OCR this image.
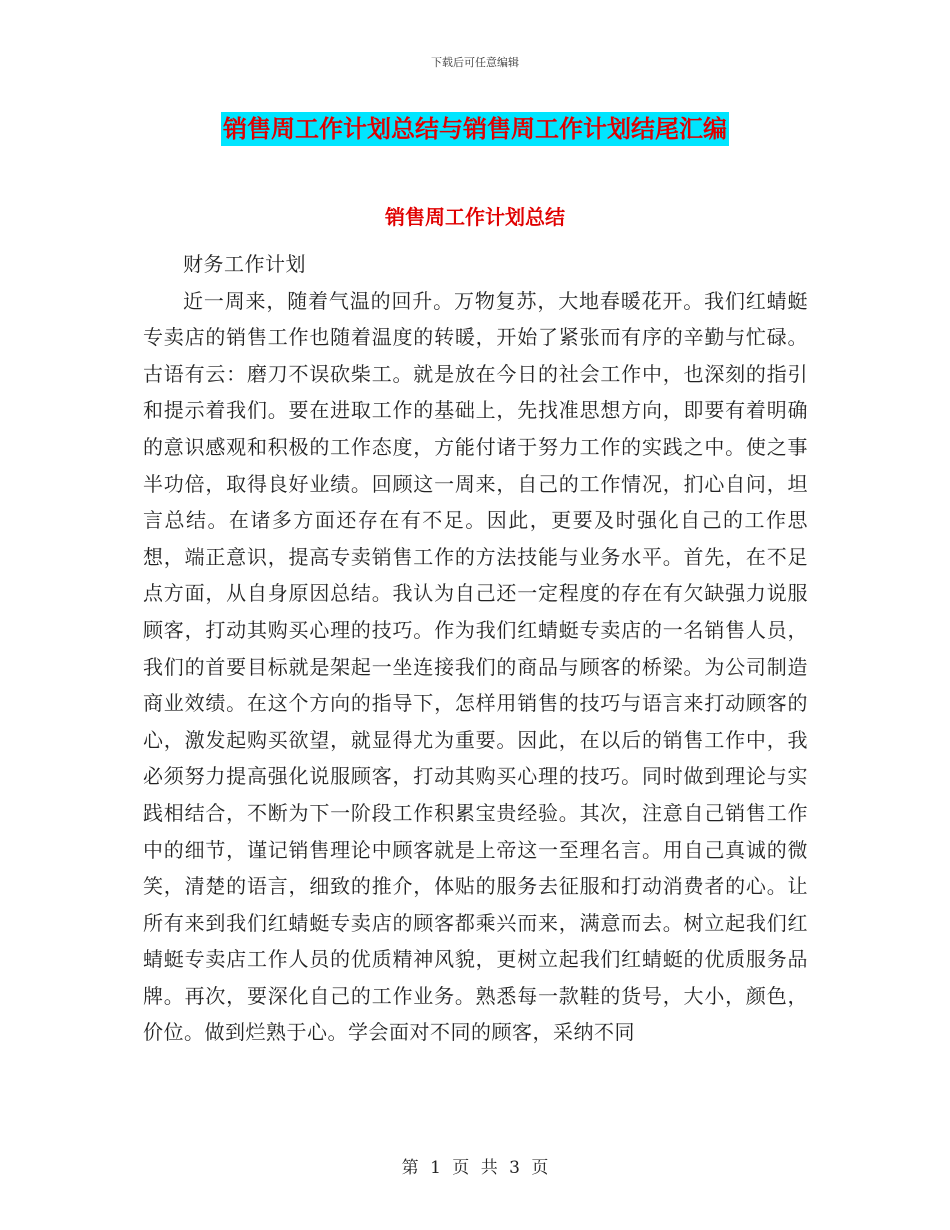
下载后可任意编辑
销售周工作计划总结与销售周工作计划结尾汇编
销售周工作计划总结

财务工作计划

近一周来，随着气温的回升。万物复苏，大地春暖花开。我们红蜻蜓专卖店的销售工作也随着温度的转暖，开始了紧张而有序的辛勤与忙碌。古语有云：磨刀不误砍柴工。就是放在今日的社会工作中，也深刻的指引和提示着我们。要在进取工作的基础上，先找准思想方向，即要有着明确的意识感观和积极的工作态度，方能付诸于努力工作的实践之中。使之事半功倍，取得良好业绩。回顾这一周来，自己的工作情况，扪心自问，坦言总结。在诸多方面还存在有不足。因此，更要及时强化自己的工作思想，端正意识，提高专卖销售工作的方法技能与业务水平。首先，在不足点方面，从自身原因总结。我认为自己还一定程度的存在有欠缺强力说服顾客，打动其购买心理的技巧。作为我们红蜻蜓专卖店的一名销售人员，我们的首要目标就是架起一坐连接我们的商品与顾客的桥梁。为公司制造商业效绩。在这个方向的指导下，怎样用销售的技巧与语言来打动顾客的心，激发起购买欲望，就显得尤为重要。因此，在以后的销售工作中，我必须努力提高强化说服顾客，打动其购买心理的技巧。同时做到理论与实践相结合，不断为下一阶段工作积累宝贵经验。其次，注意自己销售工作中的细节，谨记销售理论中顾客就是上帝这一至理名言。用自己真诚的微笑，清楚的语言，细致的推介，体贴的服务去征服和打动消费者的心。让所有来到我们红蜻蜓专卖店的顾客都乘兴而来，满意而去。树立起我们红蜻蜓专卖店工作人员的优质精神风貌，更树立起我们红蜻蜓的优质服务品牌。再次，要深化自己的工作业务。熟悉每一款鞋的货号，大小，颜色，价位。做到烂熟于心。学会面对不同的顾客，采纳不同

第 1 页 共 3 页
